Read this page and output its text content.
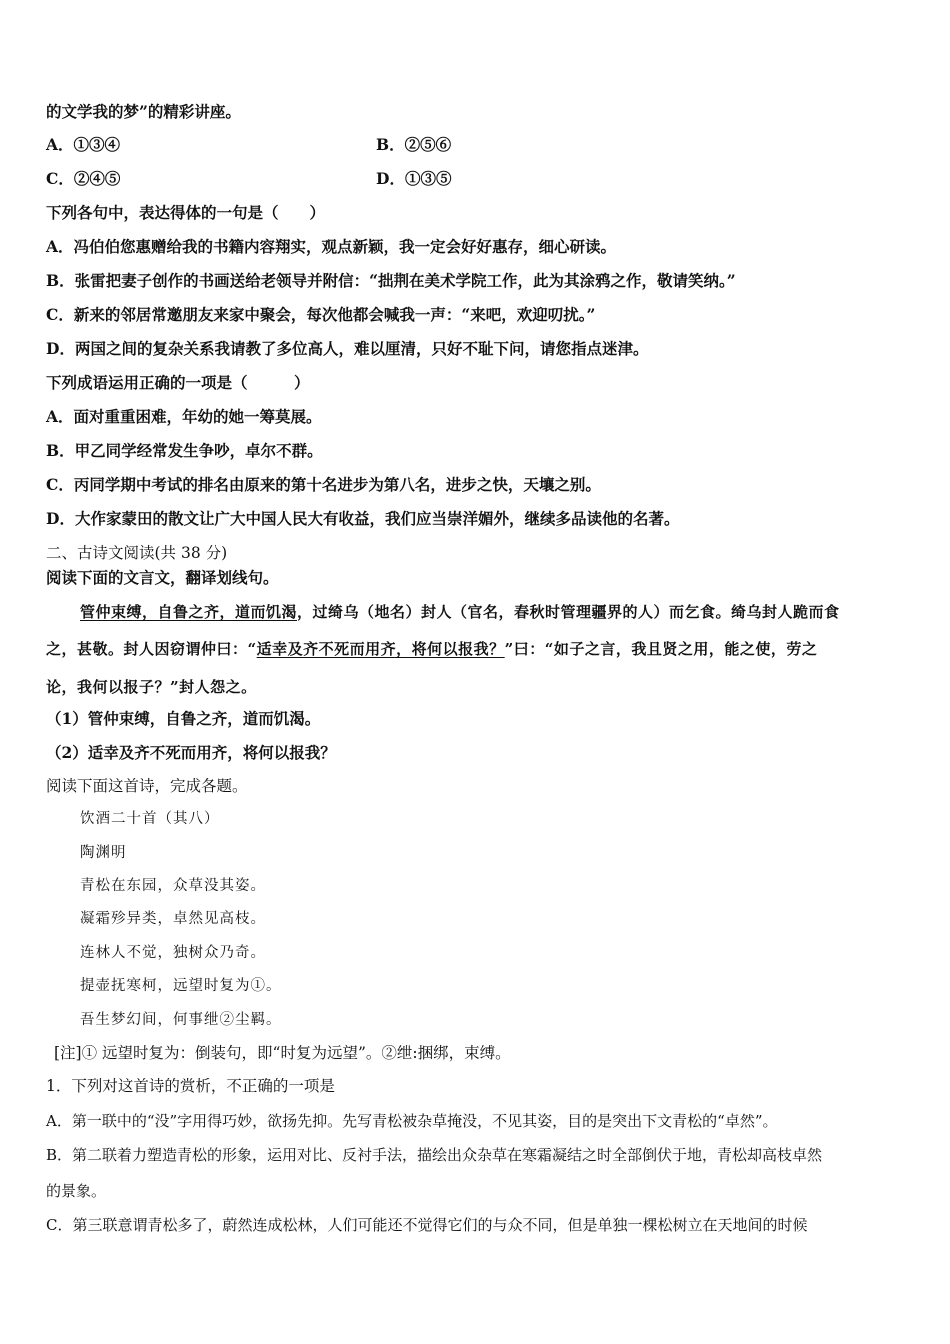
的文学我的梦”的精彩讲座。
A．①③④	B．②⑤⑥
C．②④⑤	D．①③⑤
下列各句中，表达得体的一句是（　　）
A．冯伯伯您惠赠给我的书籍内容翔实，观点新颖，我一定会好好惠存，细心研读。
B．张雷把妻子创作的书画送给老领导并附信：“拙荆在美术学院工作，此为其涂鸦之作，敬请笑纳。”
C．新来的邻居常邀朋友来家中聚会，每次他都会喊我一声：“来吧，欢迎叨扰。”
D．两国之间的复杂关系我请教了多位高人，难以厘清，只好不耻下问，请您指点迷津。
下列成语运用正确的一项是（　　　）
A．面对重重困难，年幼的她一筹莫展。
B．甲乙同学经常发生争吵，卓尔不群。
C．丙同学期中考试的排名由原来的第十名进步为第八名，进步之快，天壤之别。
D．大作家蒙田的散文让广大中国人民大有收益，我们应当崇洋媚外，继续多品读他的名著。
二、古诗文阅读(共 38 分)
阅读下面的文言文，翻译划线句。
管仲束缚，自鲁之齐，道而饥渴，过绮乌（地名）封人（官名，春秋时管理疆界的人）而乞食。绮乌封人跪而食
之，甚敬。封人因窃谓仲曰：“适幸及齐不死而用齐，将何以报我？”曰：“如子之言，我且贤之用，能之使，劳之
论，我何以报子？”封人怨之。
（1）管仲束缚，自鲁之齐，道而饥渴。
（2）适幸及齐不死而用齐，将何以报我？
阅读下面这首诗，完成各题。
饮酒二十首（其八）
陶渊明
青松在东园，众草没其姿。
凝霜殄异类，卓然见高枝。
连林人不觉，独树众乃奇。
提壶抚寒柯，远望时复为①。
吾生梦幻间，何事绁②尘羁。
[注]① 远望时复为：倒装句，即“时复为远望”。②绁:捆绑，束缚。
1．下列对这首诗的赏析，不正确的一项是
A．第一联中的“没”字用得巧妙，欲扬先抑。先写青松被杂草掩没，不见其姿，目的是突出下文青松的“卓然”。
B．第二联着力塑造青松的形象，运用对比、反衬手法，描绘出众杂草在寒霜凝结之时全部倒伏于地，青松却高枝卓然
的景象。
C．第三联意谓青松多了，蔚然连成松林，人们可能还不觉得它们的与众不同，但是单独一棵松树立在天地间的时候
